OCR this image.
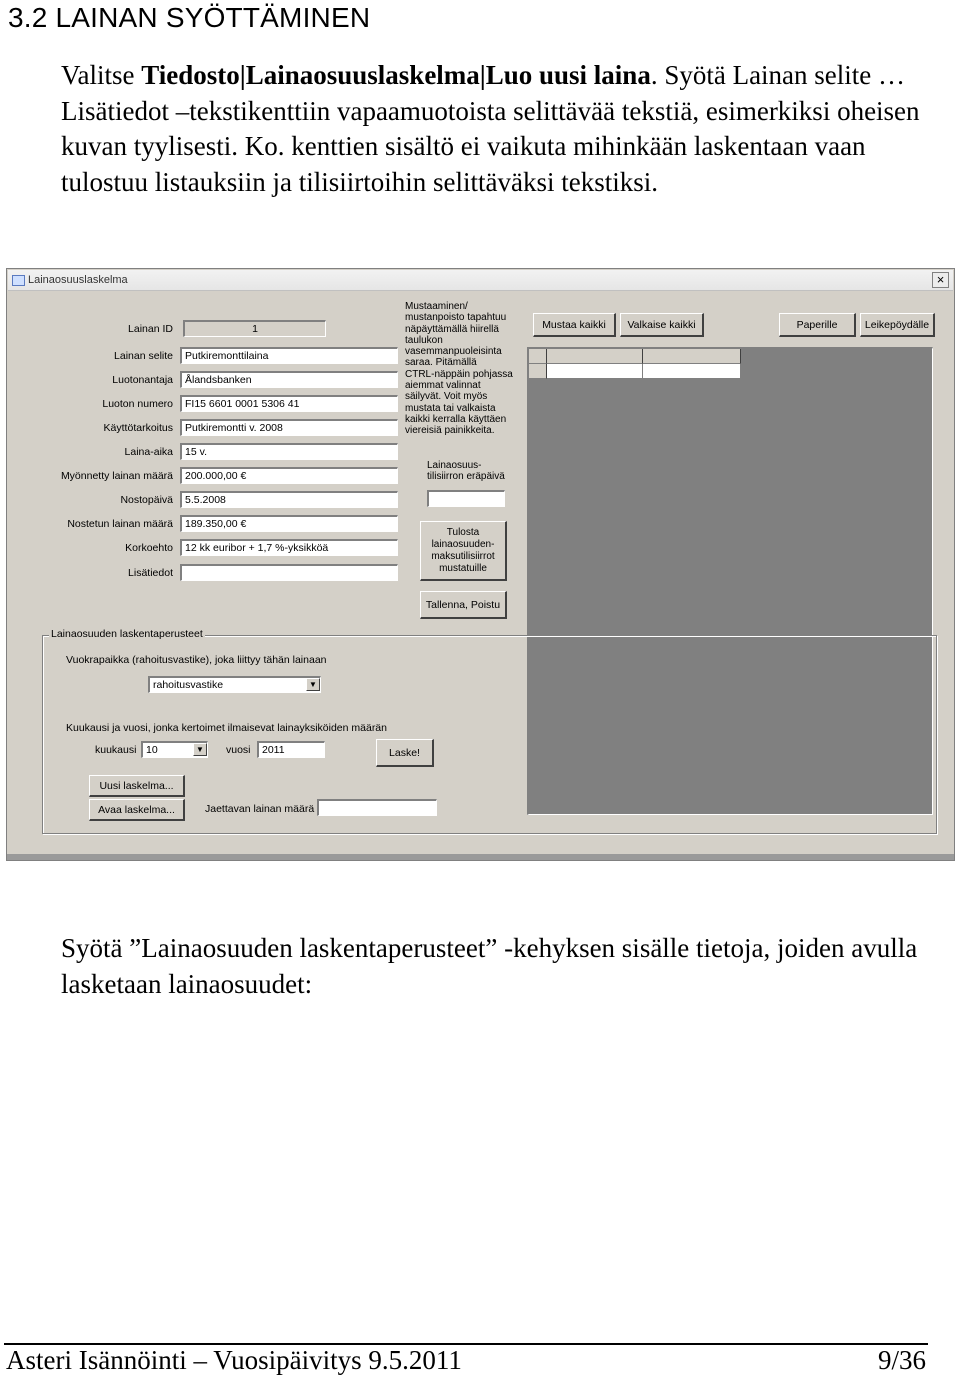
3.2 LAINAN SYÖTTÄMINEN

Valitse Tiedosto|Lainaosuuslaskelma|Luo uusi laina. Syötä Lainan selite … Lisätiedot –tekstikenttiin vapaamuotoista selittävää tekstiä, esimerkiksi oheisen kuvan tyylisesti. Ko. kenttien sisältö ei vaikuta mihinkään laskentaan vaan tulostuu listauksiin ja tilisiirtoihin selittäväksi tekstiksi.

Lainaosuuslaskelma	×
Lainan ID	1
Lainan selite	Putkiremonttilaina
Luotonantaja	Ålandsbanken
Luoton numero	FI15 6601 0001 5306 41
Käyttötarkoitus	Putkiremontti v. 2008
Laina-aika	15 v.
Myönnetty lainan määrä	200.000,00 €
Nostopäivä	5.5.2008
Nostetun lainan määrä	189.350,00 €
Korkoehto	12 kk euribor + 1,7 %-yksikköä
Lisätiedot
Mustaaminen/
mustanpoisto tapahtuu
näpäyttämällä hiirellä
taulukon
vasemmanpuoleisinta
saraa. Pitämällä
CTRL-näppäin pohjassa
aiemmat valinnat
säilyvät. Voit myös
mustata tai valkaista
kaikki kerralla käyttäen
viereisiä painikkeita.
Lainaosuus-
tilisiirron eräpäivä
Tulosta
lainaosuuden-
maksutilisiirrot
mustatuille
Tallenna, Poistu
Mustaa kaikki	Valkaise kaikki	Paperille	Leikepöydälle
Lainaosuuden laskentaperusteet
Vuokrapaikka (rahoitusvastike), joka liittyy tähän lainaan
rahoitusvastike	▼
Kuukausi ja vuosi, jonka kertoimet ilmaisevat lainayksiköiden määrän
kuukausi 10	▼ vuosi	2011	Laske!
Uusi laskelma...
Avaa laskelma...	Jaettavan lainan määrä

Syötä ”Lainaosuuden laskentaperusteet” -kehyksen sisälle tietoja, joiden avulla lasketaan lainaosuudet:

Asteri Isännöinti – Vuosipäivitys 9.5.2011	9/36
